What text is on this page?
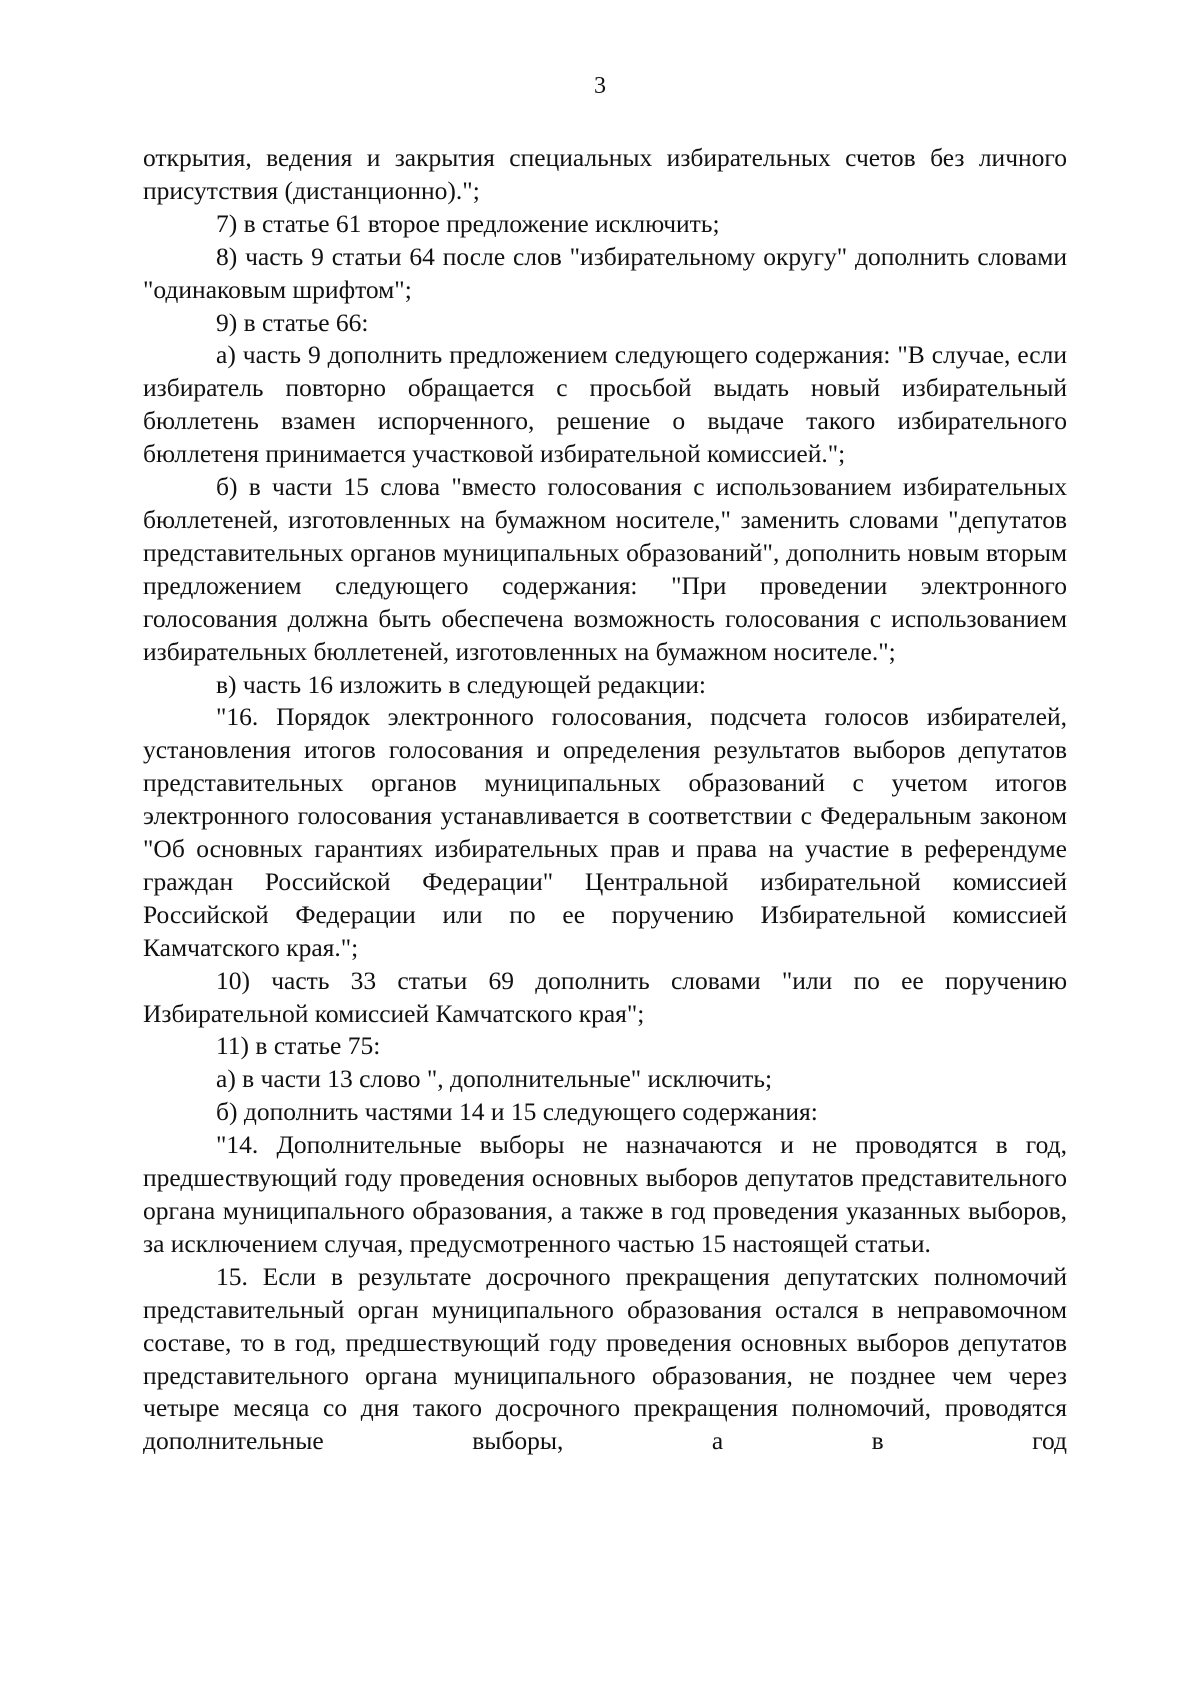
3

открытия, ведения и закрытия специальных избирательных счетов без личного присутствия (дистанционно).";

7) в статье 61 второе предложение исключить;

8) часть 9 статьи 64 после слов "избирательному округу" дополнить словами "одинаковым шрифтом";

9) в статье 66:

а) часть 9 дополнить предложением следующего содержания: "В случае, если избиратель повторно обращается с просьбой выдать новый избирательный бюллетень взамен испорченного, решение о выдаче такого избирательного бюллетеня принимается участковой избирательной комиссией.";

б) в части 15 слова "вместо голосования с использованием избирательных бюллетеней, изготовленных на бумажном носителе," заменить словами "депутатов представительных органов муниципальных образований", дополнить новым вторым предложением следующего содержания: "При проведении электронного голосования должна быть обеспечена возможность голосования с использованием избирательных бюллетеней, изготовленных на бумажном носителе.";

в) часть 16 изложить в следующей редакции:

"16. Порядок электронного голосования, подсчета голосов избирателей, установления итогов голосования и определения результатов выборов депутатов представительных органов муниципальных образований с учетом итогов электронного голосования устанавливается в соответствии с Федеральным законом "Об основных гарантиях избирательных прав и права на участие в референдуме граждан Российской Федерации" Центральной избирательной комиссией Российской Федерации или по ее поручению Избирательной комиссией Камчатского края.";

10) часть 33 статьи 69 дополнить словами "или по ее поручению Избирательной комиссией Камчатского края";

11) в статье 75:

а) в части 13 слово ", дополнительные" исключить;

б) дополнить частями 14 и 15 следующего содержания:

"14. Дополнительные выборы не назначаются и не проводятся в год, предшествующий году проведения основных выборов депутатов представительного органа муниципального образования, а также в год проведения указанных выборов, за исключением случая, предусмотренного частью 15 настоящей статьи.

15. Если в результате досрочного прекращения депутатских полномочий представительный орган муниципального образования остался в неправомочном составе, то в год, предшествующий году проведения основных выборов депутатов представительного органа муниципального образования, не позднее чем через четыре месяца со дня такого досрочного прекращения полномочий, проводятся дополнительные выборы, а в год
